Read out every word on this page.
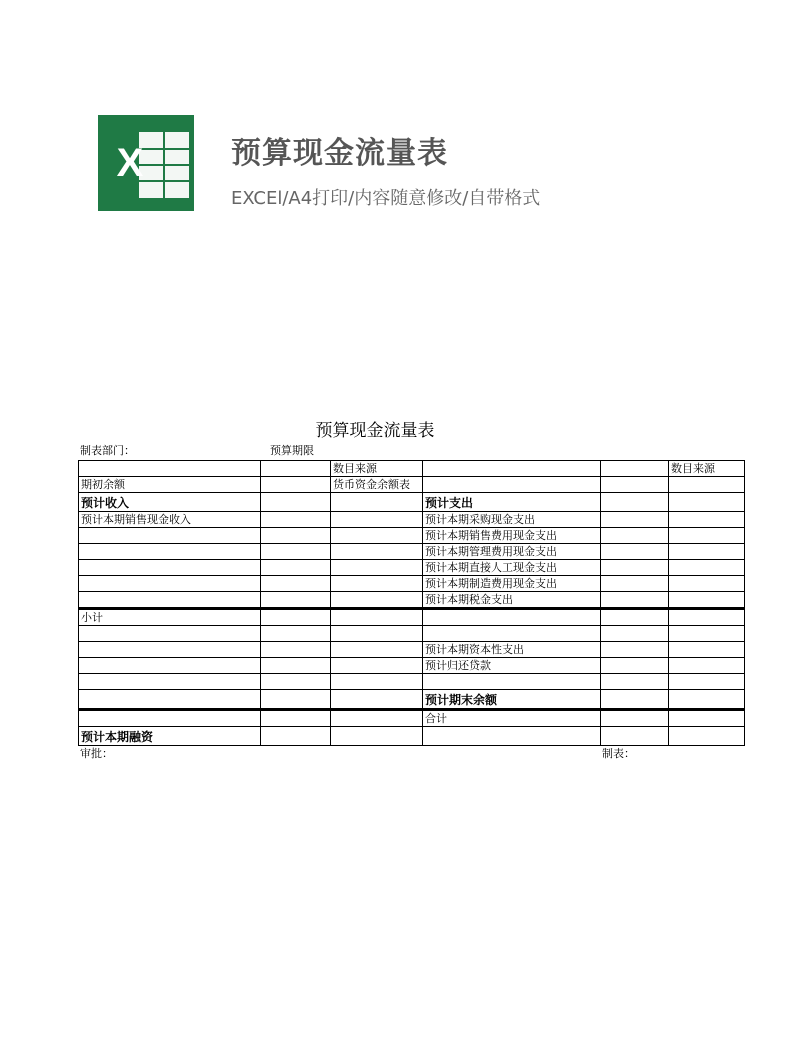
X	预算现金流量表
EXCEl/A4打印/内容随意修改/自带格式
预算现金流量表
制表部门：	预算期限
		数目来源			数目来源
期初余额		货币资金余额表			
预计收入			预计支出		
预计本期销售现金收入			预计本期采购现金支出		
			预计本期销售费用现金支出		
			预计本期管理费用现金支出		
			预计本期直接人工现金支出		
			预计本期制造费用现金支出		
			预计本期税金支出		
小计					

			预计本期资本性支出		
			预计归还贷款		

			预计期末余额		
			合计		
预计本期融资					
审批：	制表：
